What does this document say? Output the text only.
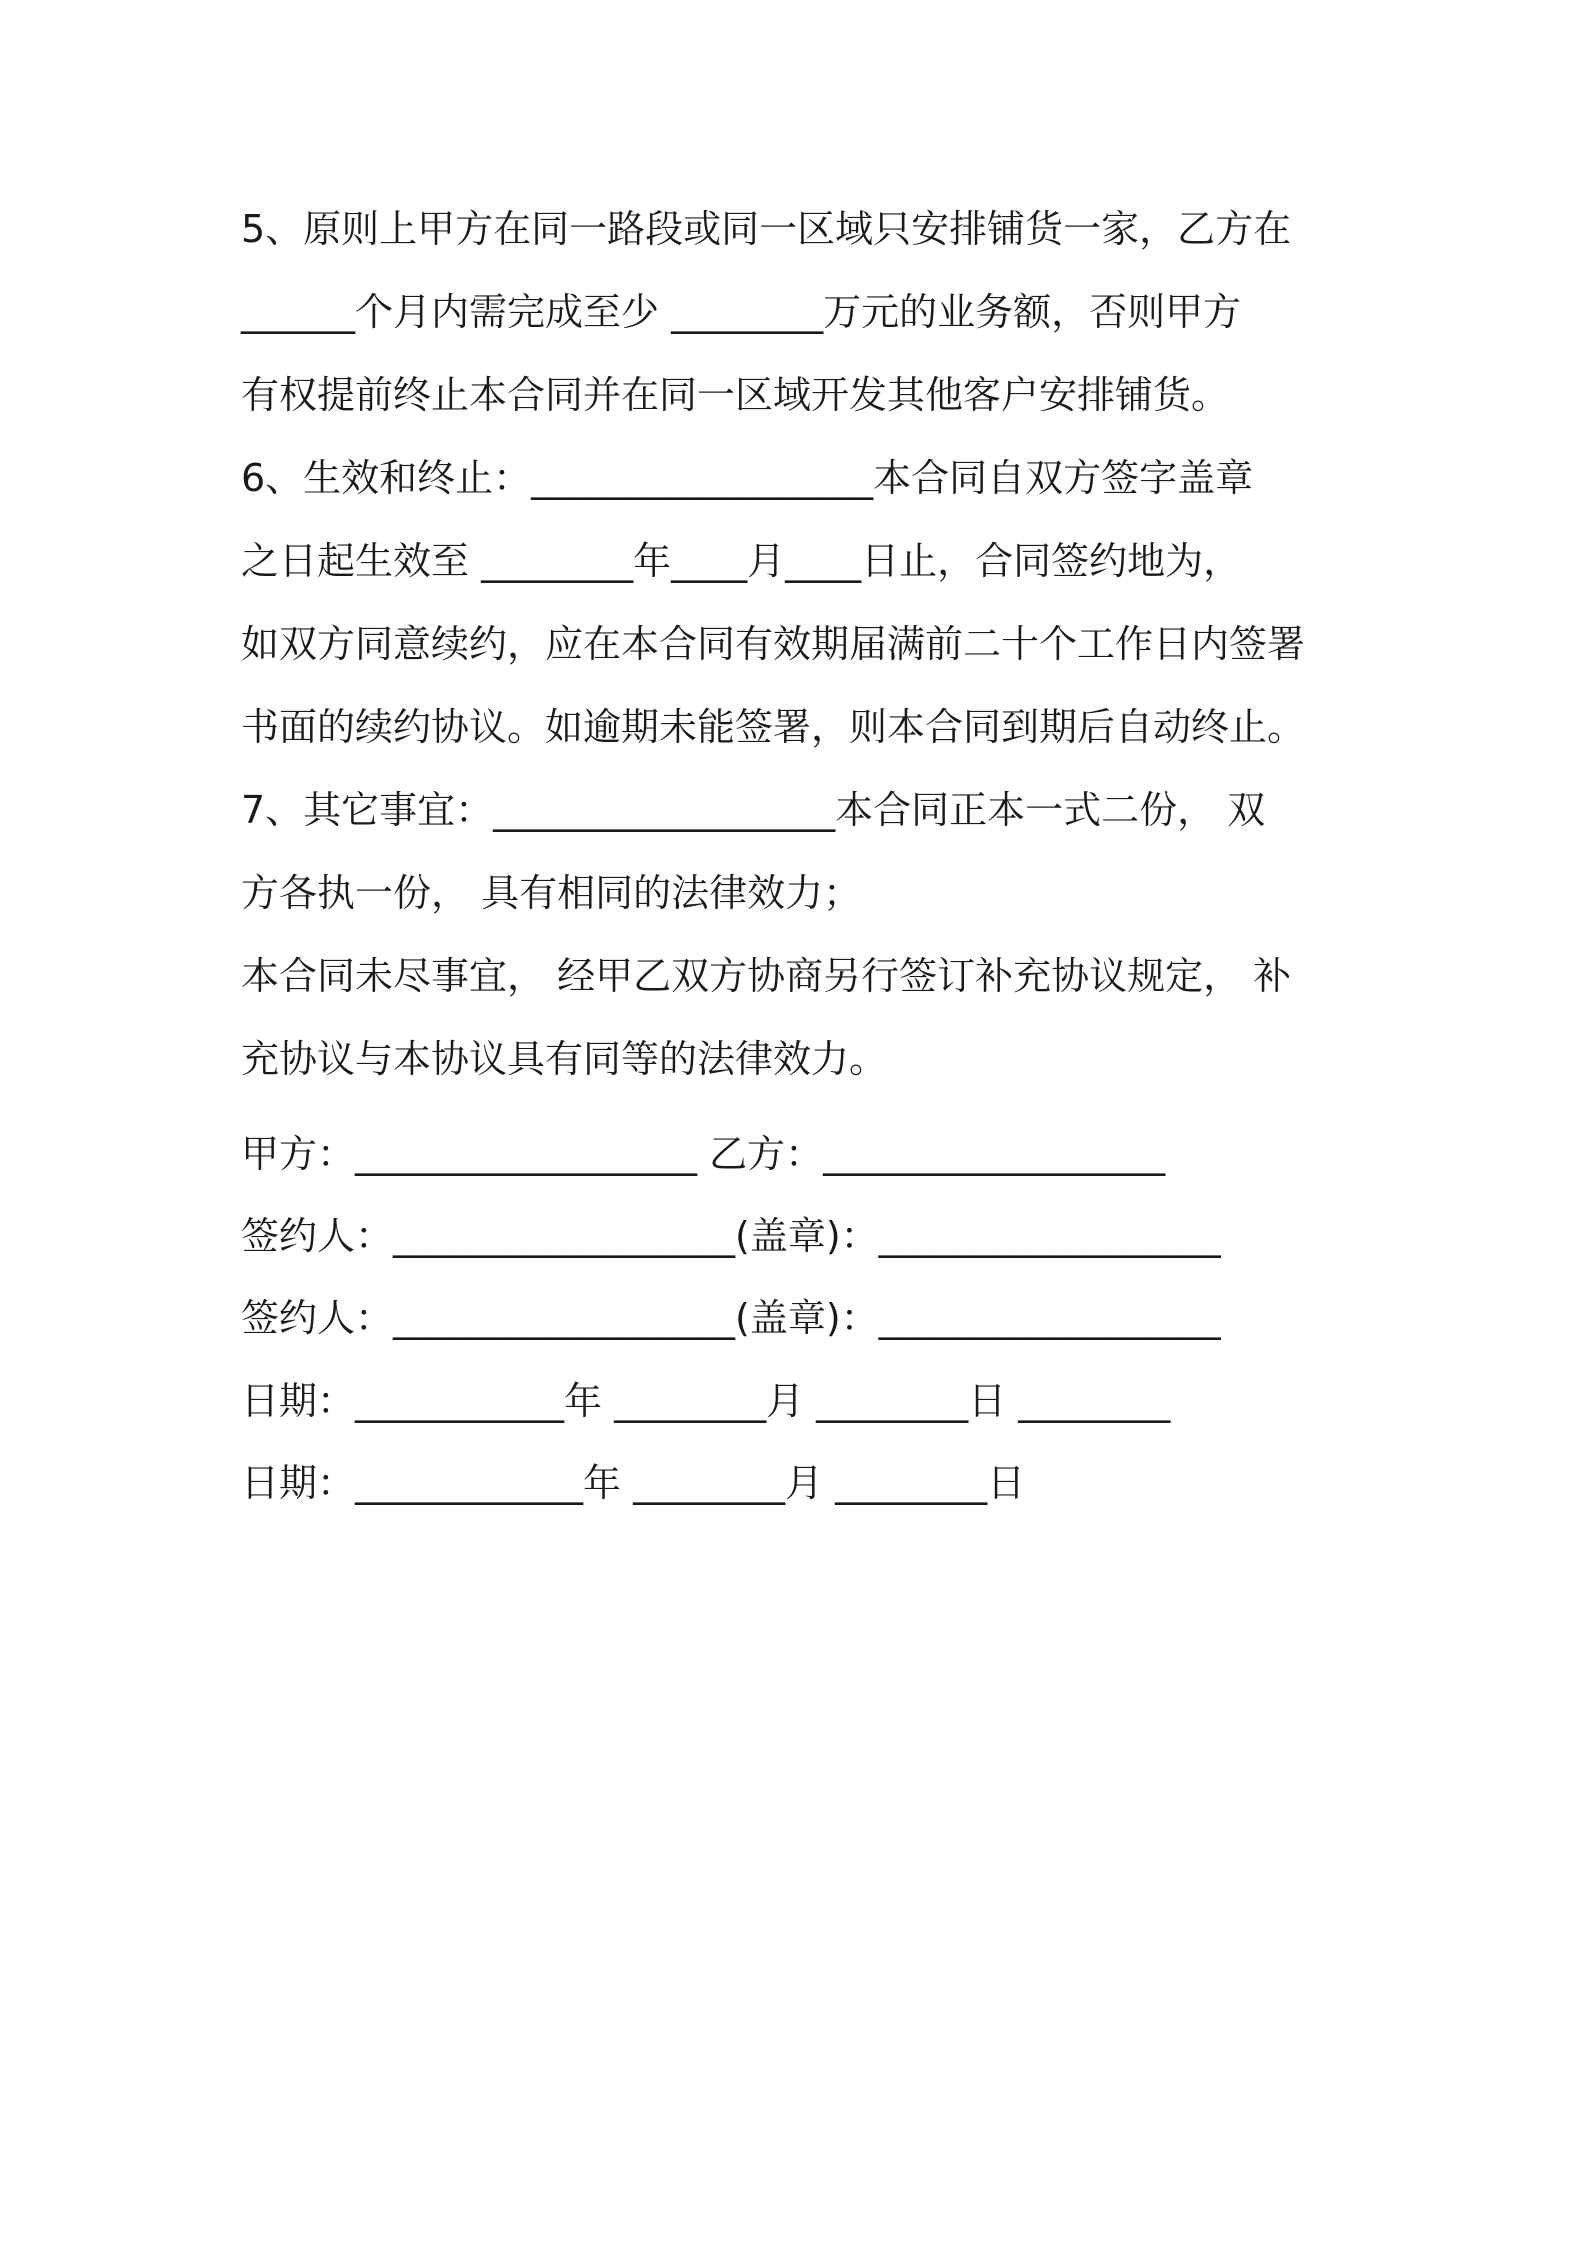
5、原则上甲方在同一路段或同一区域只安排铺货一家，乙方在
______个月内需完成至少 ________万元的业务额，否则甲方
有权提前终止本合同并在同一区域开发其他客户安排铺货。
6、生效和终止：__________________本合同自双方签字盖章
之日起生效至 ________年____月____日止，合同签约地为，
如双方同意续约，应在本合同有效期届满前二十个工作日内签署
书面的续约协议。如逾期未能签署，则本合同到期后自动终止。
7、其它事宜：__________________本合同正本一式二份， 双
方各执一份， 具有相同的法律效力；
本合同未尽事宜， 经甲乙双方协商另行签订补充协议规定， 补
充协议与本协议具有同等的法律效力。
甲方：__________________ 乙方：__________________
签约人：__________________(盖章)：__________________
签约人：__________________(盖章)：__________________
日期：___________年 ________月 ________日 ________
日期：____________年 ________月 ________日
